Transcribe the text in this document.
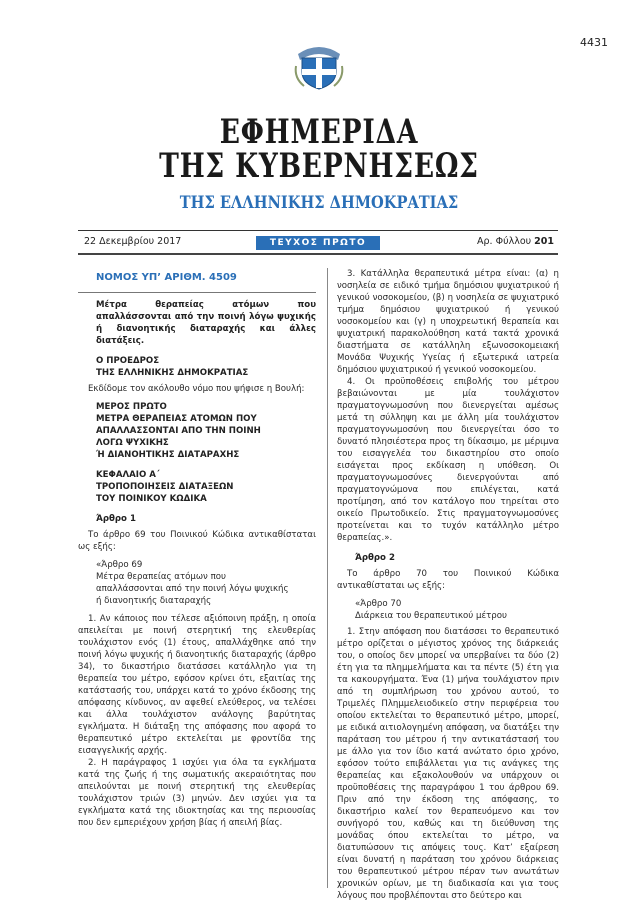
4431
ΕΦΗΜΕΡΙΔΑ
ΤΗΣ ΚΥΒΕΡΝΗΣΕΩΣ
ΤΗΣ ΕΛΛΗΝΙΚΗΣ ΔΗΜΟΚΡΑΤΙΑΣ
22 Δεκεμβρίου 2017	ΤΕΥΧΟΣ ΠΡΩΤΟ	Αρ. Φύλλου 201

ΝΟΜΟΣ ΥΠ’ ΑΡΙΘΜ. 4509

Μέτρα θεραπείας ατόμων που απαλλάσσονται από την ποινή λόγω ψυχικής ή διανοητικής διαταραχής και άλλες διατάξεις.

Ο ΠΡΟΕΔΡΟΣ

ΤΗΣ ΕΛΛΗΝΙΚΗΣ ΔΗΜΟΚΡΑΤΙΑΣ

Εκδίδομε τον ακόλουθο νόμο που ψήφισε η Βουλή:

ΜΕΡΟΣ ΠΡΩΤΟ

ΜΕΤΡΑ ΘΕΡΑΠΕΙΑΣ ΑΤΟΜΩΝ ΠΟΥ

ΑΠΑΛΛΑΣΣΟΝΤΑΙ ΑΠΟ ΤΗΝ ΠΟΙΝΗ

ΛΟΓΩ ΨΥΧΙΚΗΣ

Ή ΔΙΑΝΟΗΤΙΚΗΣ ΔΙΑΤΑΡΑΧΗΣ

ΚΕΦΑΛΑΙΟ Α΄

ΤΡΟΠΟΠΟΙΗΣΕΙΣ ΔΙΑΤΑΞΕΩΝ

ΤΟΥ ΠΟΙΝΙΚΟΥ ΚΩΔΙΚΑ

Άρθρο 1

Το άρθρο 69 του Ποινικού Κώδικα αντικαθίσταται ως εξής:

«Άρθρο 69

Μέτρα θεραπείας ατόμων που

απαλλάσσονται από την ποινή λόγω ψυχικής

ή διανοητικής διαταραχής

1. Αν κάποιος που τέλεσε αξιόποινη πράξη, η οποία απειλείται με ποινή στερητική της ελευθερίας τουλάχιστον ενός (1) έτους, απαλλάχθηκε από την ποινή λόγω ψυχικής ή διανοητικής διαταραχής (άρθρο 34), το δικαστήριο διατάσσει κατάλληλο για τη θεραπεία του μέτρο, εφόσον κρίνει ότι, εξαιτίας της κατάστασής του, υπάρχει κατά το χρόνο έκδοσης της απόφασης κίνδυνος, αν αφεθεί ελεύθερος, να τελέσει και άλλα τουλάχιστον ανάλογης βαρύτητας εγκλήματα. Η διάταξη της απόφασης που αφορά το θεραπευτικό μέτρο εκτελείται με φροντίδα της εισαγγελικής αρχής.

2. Η παράγραφος 1 ισχύει για όλα τα εγκλήματα κατά της ζωής ή της σωματικής ακεραιότητας που απειλούνται με ποινή στερητική της ελευθερίας τουλάχιστον τριών (3) μηνών. Δεν ισχύει για τα εγκλήματα κατά της ιδιοκτησίας και της περιουσίας που δεν εμπεριέχουν χρήση βίας ή απειλή βίας.

3. Κατάλληλα θεραπευτικά μέτρα είναι: (α) η νοσηλεία σε ειδικό τμήμα δημόσιου ψυχιατρικού ή γενικού νοσοκομείου, (β) η νοσηλεία σε ψυχιατρικό τμήμα δημόσιου ψυχιατρικού ή γενικού νοσοκομείου και (γ) η υποχρεωτική θεραπεία και ψυχιατρική παρακολούθηση κατά τακτά χρονικά διαστήματα σε κατάλληλη εξωνοσοκομειακή Μονάδα Ψυχικής Υγείας ή εξωτερικά ιατρεία δημόσιου ψυχιατρικού ή γενικού νοσοκομείου.

4. Οι προϋποθέσεις επιβολής του μέτρου βεβαιώνονται με μία τουλάχιστον πραγματογνωμοσύνη που διενεργείται αμέσως μετά τη σύλληψη και με άλλη μία τουλάχιστον πραγματογνωμοσύνη που διενεργείται όσο το δυνατό πλησιέστερα προς τη δίκασιμο, με μέριμνα του εισαγγελέα του δικαστηρίου στο οποίο εισάγεται προς εκδίκαση η υπόθεση. Οι πραγματογνωμοσύνες διενεργούνται από πραγματογνώμονα που επιλέγεται, κατά προτίμηση, από τον κατάλογο που τηρείται στο οικείο Πρωτοδικείο. Στις πραγματογνωμοσύνες προτείνεται και το τυχόν κατάλληλο μέτρο θεραπείας.».

Άρθρο 2

Το άρθρο 70 του Ποινικού Κώδικα αντικαθίσταται ως εξής:

«Άρθρο 70

Διάρκεια του θεραπευτικού μέτρου

1. Στην απόφαση που διατάσσει το θεραπευτικό μέτρο ορίζεται ο μέγιστος χρόνος της διάρκειάς του, ο οποίος δεν μπορεί να υπερβαίνει τα δύο (2) έτη για τα πλημμελήματα και τα πέντε (5) έτη για τα κακουργήματα. Ένα (1) μήνα τουλάχιστον πριν από τη συμπλήρωση του χρόνου αυτού, το Τριμελές Πλημμελειοδικείο στην περιφέρεια του οποίου εκτελείται το θεραπευτικό μέτρο, μπορεί, με ειδικά αιτιολογημένη απόφαση, να διατάξει την παράταση του μέτρου ή την αντικατάστασή του με άλλο για τον ίδιο κατά ανώτατο όριο χρόνο, εφόσον τούτο επιβάλλεται για τις ανάγκες της θεραπείας και εξακολουθούν να υπάρχουν οι προϋποθέσεις της παραγράφου 1 του άρθρου 69. Πριν από την έκδοση της απόφασης, το δικαστήριο καλεί τον θεραπευόμενο και τον συνήγορό του, καθώς και τη διεύθυνση της μονάδας όπου εκτελείται το μέτρο, να διατυπώσουν τις απόψεις τους. Κατ’ εξαίρεση είναι δυνατή η παράταση του χρόνου διάρκειας του θεραπευτικού μέτρου πέραν των ανωτάτων χρονικών ορίων, με τη διαδικασία και για τους λόγους που προβλέπονται στο δεύτερο και
